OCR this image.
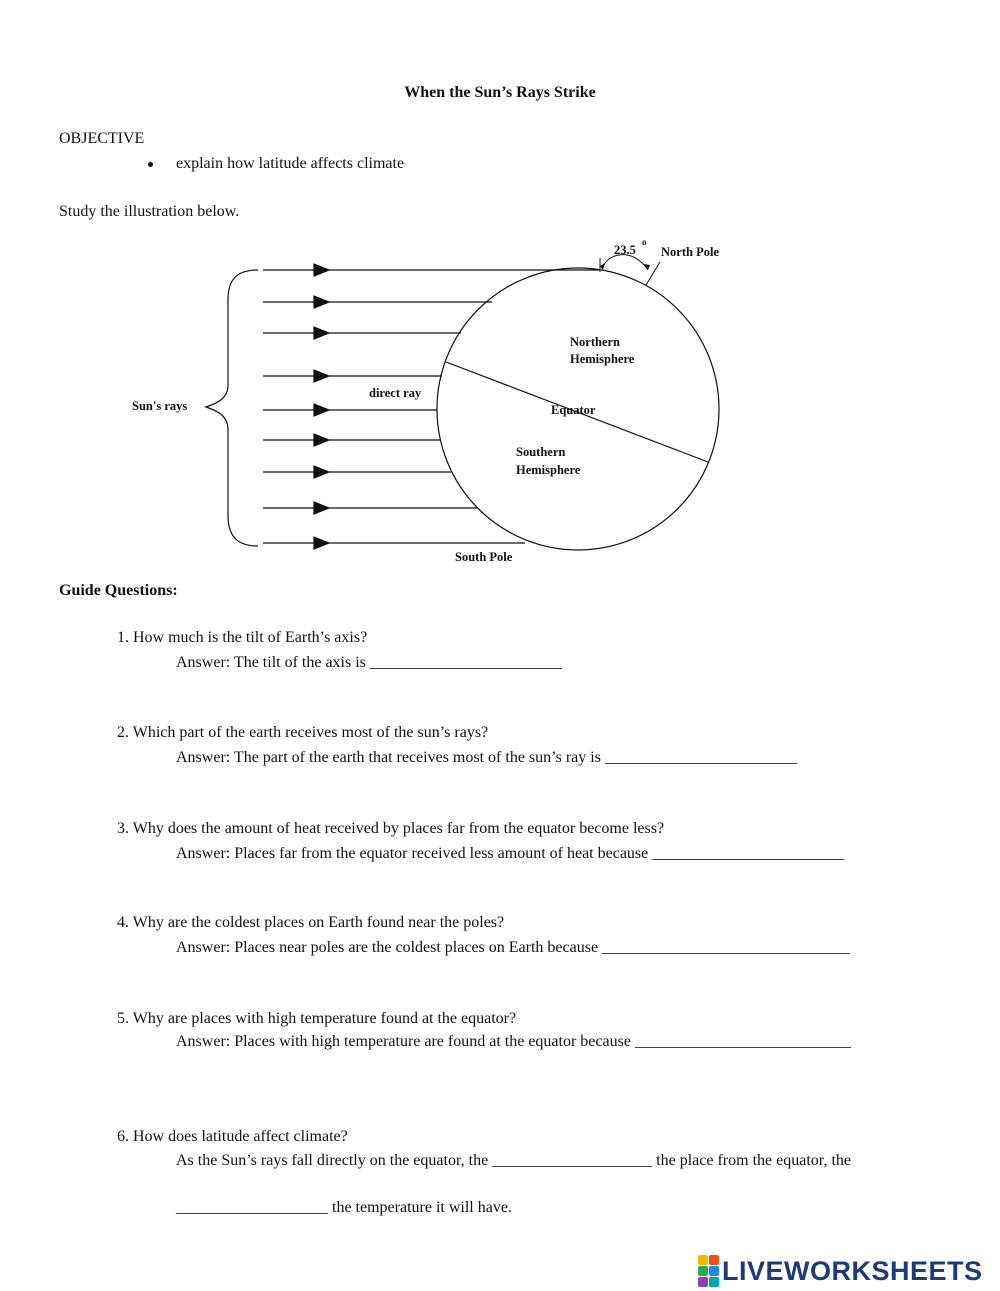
When the Sun’s Rays Strike
OBJECTIVE
explain how latitude affects climate
Study the illustration below.
23.5
o
North Pole
Northern
Hemisphere
Equator
Southern
Hemisphere
direct ray
Sun's rays
South Pole
Guide Questions:
1. How much is the tilt of Earth’s axis?
Answer: The tilt of the axis is ________________________
2. Which part of the earth receives most of the sun’s rays?
Answer: The part of the earth that receives most of the sun’s ray is ________________________
3. Why does the amount of heat received by places far from the equator become less?
Answer: Places far from the equator received less amount of heat because ________________________
4. Why are the coldest places on Earth found near the poles?
Answer: Places near poles are the coldest places on Earth because _______________________________
5. Why are places with high temperature found at the equator?
Answer: Places with high temperature are found at the equator because ___________________________
6. How does latitude affect climate?
As the Sun’s rays fall directly on the equator, the ____________________ the place from the equator, the
___________________ the temperature it will have.
LIVEWORKSHEETS
